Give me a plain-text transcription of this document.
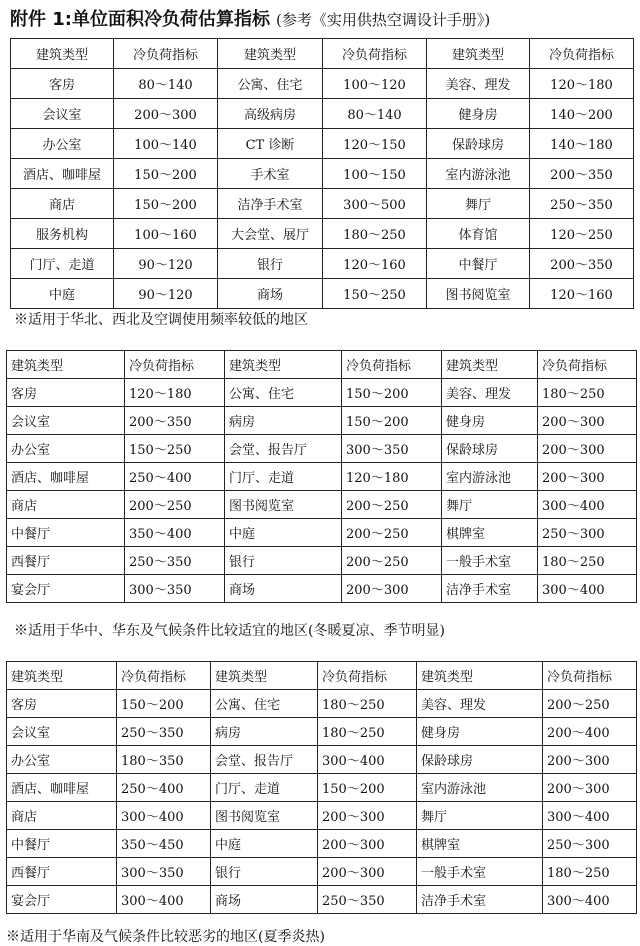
附件 1:单位面积冷负荷估算指标 (参考《实用供热空调设计手册》)
建筑类型	冷负荷指标	建筑类型	冷负荷指标	建筑类型	冷负荷指标
客房	80～140	公寓、住宅	100～120	美容、理发	120～180
会议室	200～300	高级病房	80～140	健身房	140～200
办公室	100～140	CT 诊断	120～150	保龄球房	140～180
酒店、咖啡屋	150～200	手术室	100～150	室内游泳池	200～350
商店	150～200	洁净手术室	300～500	舞厅	250～350
服务机构	100～160	大会堂、展厅	180～250	体育馆	120～250
门厅、走道	90～120	银行	120～160	中餐厅	200～350
中庭	90～120	商场	150～250	图书阅览室	120～160
※适用于华北、西北及空调使用频率较低的地区
建筑类型	冷负荷指标	建筑类型	冷负荷指标	建筑类型	冷负荷指标
客房	120～180	公寓、住宅	150～200	美容、理发	180～250
会议室	200～350	病房	150～200	健身房	200～300
办公室	150～250	会堂、报告厅	300～350	保龄球房	200～300
酒店、咖啡屋	250～400	门厅、走道	120～180	室内游泳池	200～300
商店	200～250	图书阅览室	200～250	舞厅	300～400
中餐厅	350～400	中庭	200～250	棋牌室	250～300
西餐厅	250～350	银行	200～250	一般手术室	180～250
宴会厅	300～350	商场	200～300	洁净手术室	300～400
※适用于华中、华东及气候条件比较适宜的地区(冬暖夏凉、季节明显)
建筑类型	冷负荷指标	建筑类型	冷负荷指标	建筑类型	冷负荷指标
客房	150～200	公寓、住宅	180～250	美容、理发	200～250
会议室	250～350	病房	180～250	健身房	200～400
办公室	180～350	会堂、报告厅	300～400	保龄球房	200～300
酒店、咖啡屋	250～400	门厅、走道	150～200	室内游泳池	200～300
商店	300～400	图书阅览室	200～300	舞厅	300～400
中餐厅	350～450	中庭	200～300	棋牌室	250～300
西餐厅	300～350	银行	200～300	一般手术室	180～250
宴会厅	300～400	商场	250～350	洁净手术室	300～400
※适用于华南及气候条件比较恶劣的地区(夏季炎热)
